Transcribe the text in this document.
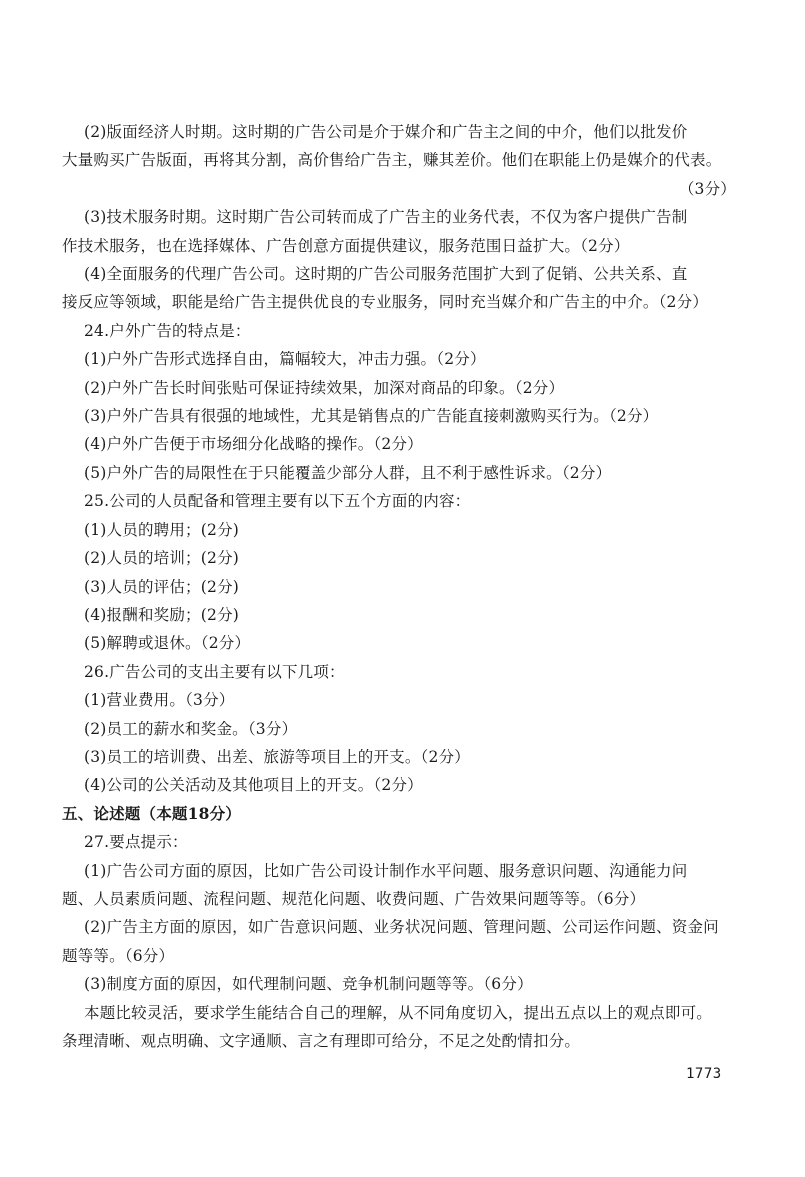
(2)版面经济人时期。这时期的广告公司是介于媒介和广告主之间的中介，他们以批发价
大量购买广告版面，再将其分割，高价售给广告主，赚其差价。他们在职能上仍是媒介的代表。
（3分）
(3)技术服务时期。这时期广告公司转而成了广告主的业务代表，不仅为客户提供广告制
作技术服务，也在选择媒体、广告创意方面提供建议，服务范围日益扩大。（2分）
(4)全面服务的代理广告公司。这时期的广告公司服务范围扩大到了促销、公共关系、直
接反应等领域，职能是给广告主提供优良的专业服务，同时充当媒介和广告主的中介。（2分）
24.户外广告的特点是：
(1)户外广告形式选择自由，篇幅较大，冲击力强。（2分）
(2)户外广告长时间张贴可保证持续效果，加深对商品的印象。（2分）
(3)户外广告具有很强的地域性，尤其是销售点的广告能直接刺激购买行为。（2分）
(4)户外广告便于市场细分化战略的操作。（2分）
(5)户外广告的局限性在于只能覆盖少部分人群，且不利于感性诉求。（2分）
25.公司的人员配备和管理主要有以下五个方面的内容：
(1)人员的聘用；(2分)
(2)人员的培训；(2分)
(3)人员的评估；(2分)
(4)报酬和奖励；(2分)
(5)解聘或退休。（2分）
26.广告公司的支出主要有以下几项：
(1)营业费用。（3分）
(2)员工的薪水和奖金。（3分）
(3)员工的培训费、出差、旅游等项目上的开支。（2分）
(4)公司的公关活动及其他项目上的开支。（2分）
五、论述题（本题18分）
27.要点提示：
(1)广告公司方面的原因，比如广告公司设计制作水平问题、服务意识问题、沟通能力问
题、人员素质问题、流程问题、规范化问题、收费问题、广告效果问题等等。（6分）
(2)广告主方面的原因，如广告意识问题、业务状况问题、管理问题、公司运作问题、资金问
题等等。（6分）
(3)制度方面的原因，如代理制问题、竞争机制问题等等。（6分）
本题比较灵活，要求学生能结合自己的理解，从不同角度切入，提出五点以上的观点即可。
条理清晰、观点明确、文字通顺、言之有理即可给分，不足之处酌情扣分。
1773
